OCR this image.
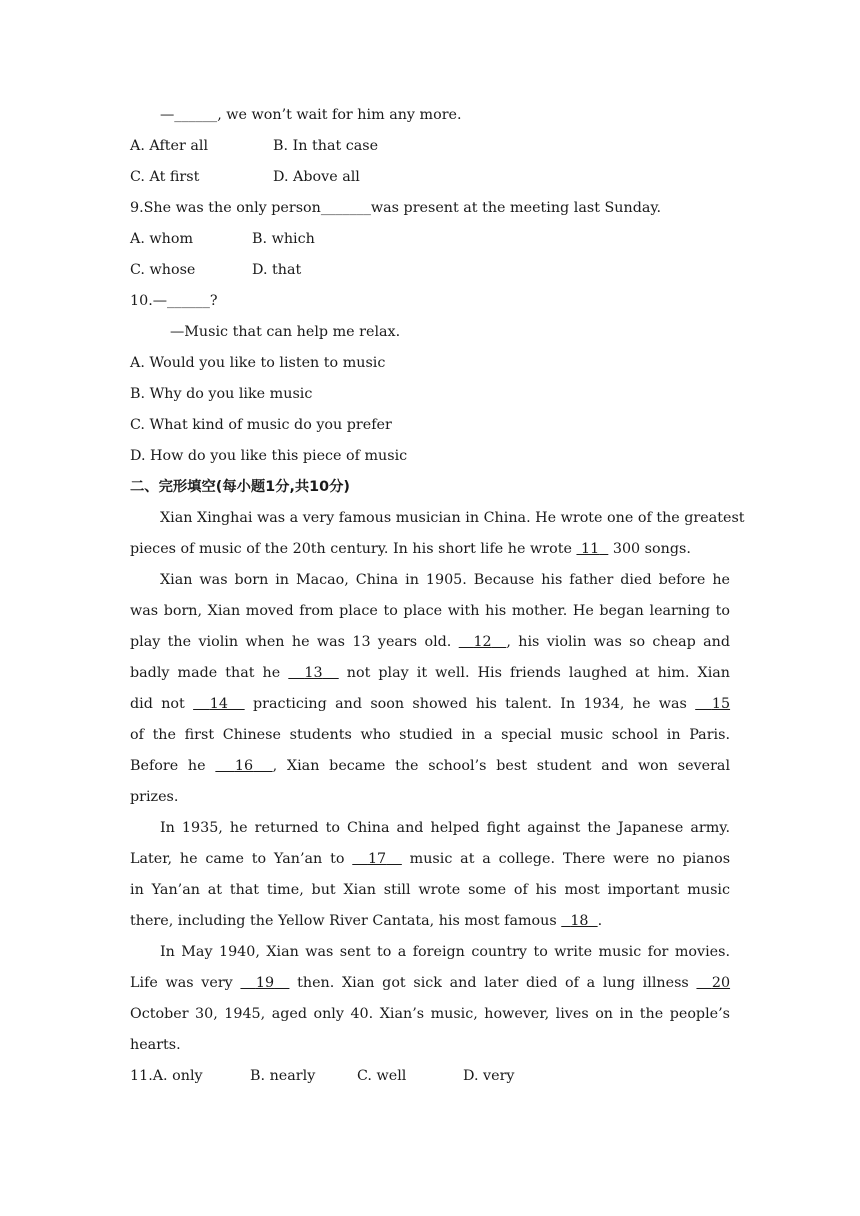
—______, we won’t wait for him any more.
A. After all	B. In that case
C. At first	D. Above all
9.She was the only person_______was present at the meeting last Sunday.
A. whom	B. which
C. whose	D. that
10.—______?
—Music that can help me relax.
A. Would you like to listen to music
B. Why do you like music
C. What kind of music do you prefer
D. How do you like this piece of music
二、完形填空(每小题1分,共10分)
Xian Xinghai was a very famous musician in China. He wrote one of the greatest
pieces of music of the 20th century. In his short life he wrote 11 300 songs.
Xian was born in Macao, China in 1905. Because his father died before he
was born, Xian moved from place to place with his mother. He began learning to
play the violin when he was 13 years old. 12 , his violin was so cheap and
badly made that he 13 not play it well. His friends laughed at him. Xian
did not 14 practicing and soon showed his talent. In 1934, he was 15
of the first Chinese students who studied in a special music school in Paris.
Before he 16 , Xian became the school’s best student and won several
prizes.
In 1935, he returned to China and helped fight against the Japanese army.
Later, he came to Yan’an to 17 music at a college. There were no pianos
in Yan’an at that time, but Xian still wrote some of his most important music
there, including the Yellow River Cantata, his most famous 18 .
In May 1940, Xian was sent to a foreign country to write music for movies.
Life was very 19 then. Xian got sick and later died of a lung illness 20
October 30, 1945, aged only 40. Xian’s music, however, lives on in the people’s
hearts.
11.A. only	B. nearly	C. well	D. very
